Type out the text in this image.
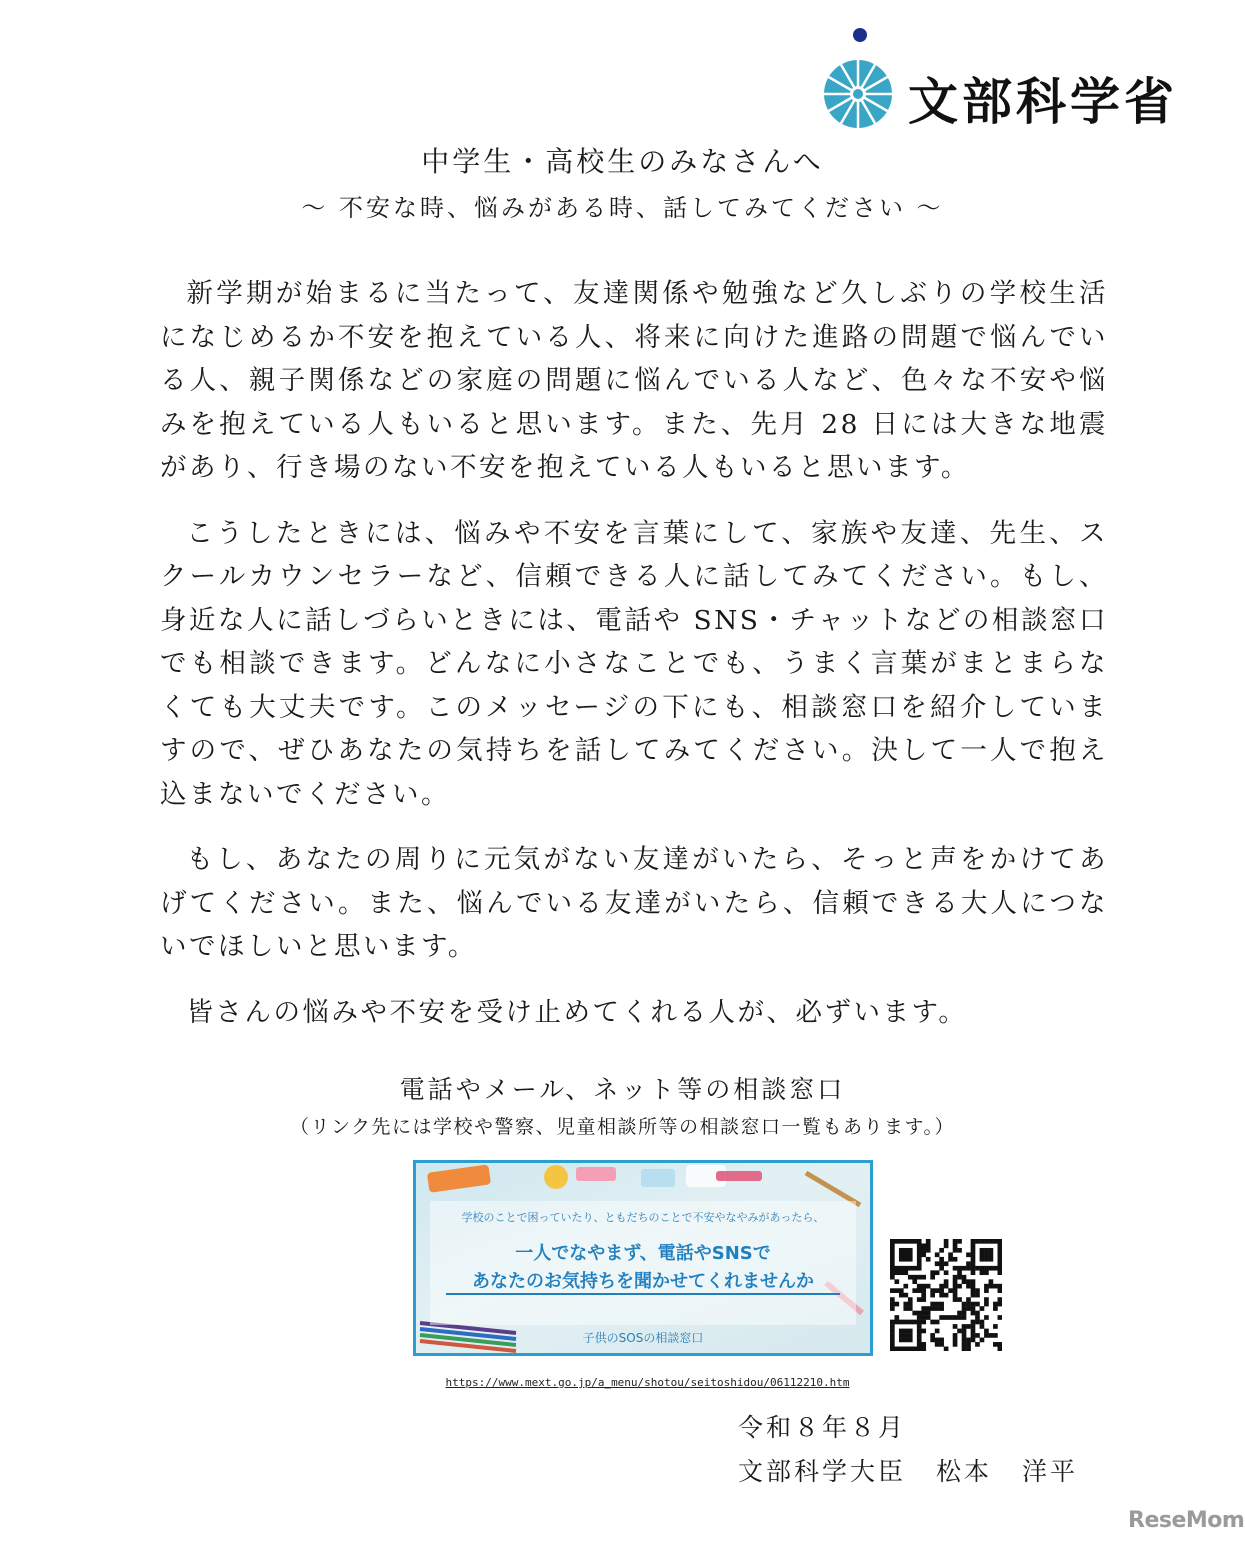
文部科学省
中学生・高校生のみなさんへ
～ 不安な時、悩みがある時、話してみてください ～

新学期が始まるに当たって、友達関係や勉強など久しぶりの学校生活になじめるか不安を抱えている人、将来に向けた進路の問題で悩んでいる人、親子関係などの家庭の問題に悩んでいる人など、色々な不安や悩みを抱えている人もいると思います。また、先月 28 日には大きな地震があり、行き場のない不安を抱えている人もいると思います。

こうしたときには、悩みや不安を言葉にして、家族や友達、先生、スクールカウンセラーなど、信頼できる人に話してみてください。もし、身近な人に話しづらいときには、電話や SNS・チャットなどの相談窓口でも相談できます。どんなに小さなことでも、うまく言葉がまとまらなくても大丈夫です。このメッセージの下にも、相談窓口を紹介していますので、ぜひあなたの気持ちを話してみてください。決して一人で抱え込まないでください。

もし、あなたの周りに元気がない友達がいたら、そっと声をかけてあげてください。また、悩んでいる友達がいたら、信頼できる大人につないでほしいと思います。

皆さんの悩みや不安を受け止めてくれる人が、必ずいます。

電話やメール、ネット等の相談窓口
（リンク先には学校や警察、児童相談所等の相談窓口一覧もあります。）
学校のことで困っていたり、ともだちのことで不安やなやみがあったら、
一人でなやまず、電話やSNSで
あなたのお気持ちを聞かせてくれませんか
子供のSOSの相談窓口
https://www.mext.go.jp/a_menu/shotou/seitoshidou/06112210.htm
令和８年８月
文部科学大臣 松本 洋平
ReseMom
